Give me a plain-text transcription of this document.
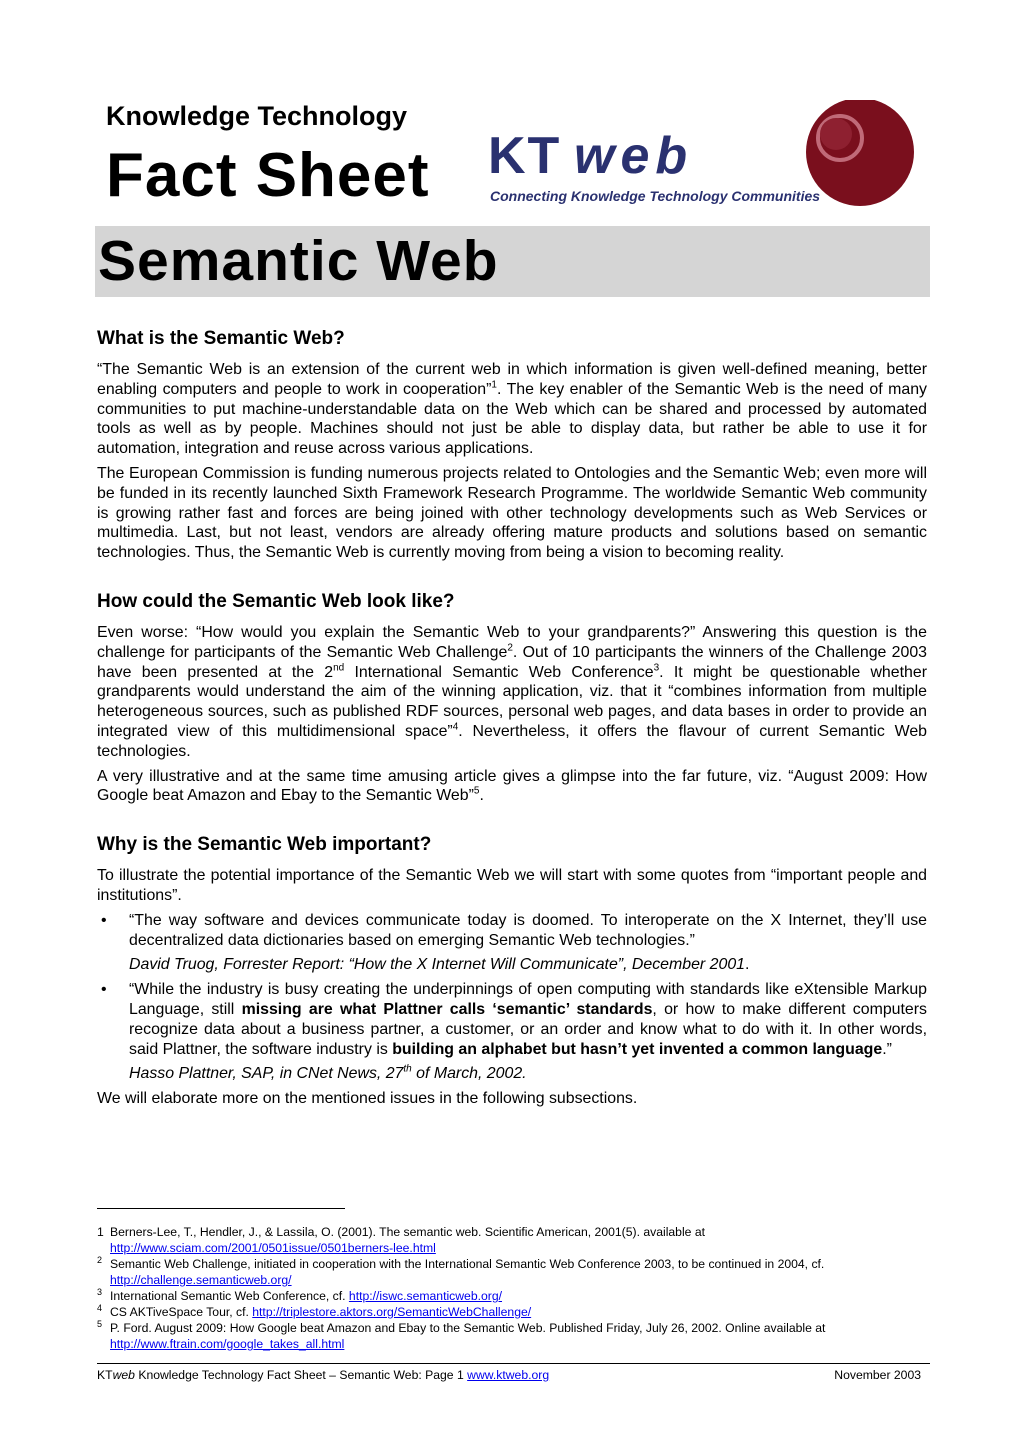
Knowledge Technology
Fact Sheet KT web
Connecting Knowledge Technology Communities
Semantic Web
What is the Semantic Web?

“The Semantic Web is an extension of the current web in which information is given well-defined meaning, better enabling computers and people to work in cooperation”$^1$. The key enabler of the Semantic Web is the need of many communities to put machine-understandable data on the Web which can be shared and processed by automated tools as well as by people. Machines should not just be able to display data, but rather be able to use it for automation, integration and reuse across various applications.

The European Commission is funding numerous projects related to Ontologies and the Semantic Web; even more will be funded in its recently launched Sixth Framework Research Programme. The worldwide Semantic Web community is growing rather fast and forces are being joined with other technology developments such as Web Services or multimedia. Last, but not least, vendors are already offering mature products and solutions based on semantic technologies. Thus, the Semantic Web is currently moving from being a vision to becoming reality.

How could the Semantic Web look like?

Even worse: “How would you explain the Semantic Web to your grandparents?” Answering this question is the challenge for participants of the Semantic Web Challenge$^2$. Out of 10 participants the winners of the Challenge 2003 have been presented at the 2nd International Semantic Web Conference$^3$. It might be questionable whether grandparents would understand the aim of the winning application, viz. that it “combines information from multiple heterogeneous sources, such as published RDF sources, personal web pages, and data bases in order to provide an integrated view of this multidimensional space”$^4$. Nevertheless, it offers the flavour of current Semantic Web technologies.

A very illustrative and at the same time amusing article gives a glimpse into the far future, viz. “August 2009: How Google beat Amazon and Ebay to the Semantic Web”$^5$.

Why is the Semantic Web important?

To illustrate the potential importance of the Semantic Web we will start with some quotes from “important people and institutions”.

• “The way software and devices communicate today is doomed. To interoperate on the X Internet, they’ll use decentralized data dictionaries based on emerging Semantic Web technologies.”
David Truog, Forrester Report: “How the X Internet Will Communicate”, December 2001.
• “While the industry is busy creating the underpinnings of open computing with standards like eXtensible Markup Language, still missing are what Plattner calls ‘semantic’ standards, or how to make different computers recognize data about a business partner, a customer, or an order and know what to do with it. In other words, said Plattner, the software industry is building an alphabet but hasn’t yet invented a common language.”
Hasso Plattner, SAP, in CNet News, 27th of March, 2002.

We will elaborate more on the mentioned issues in the following subsections.

1 Berners-Lee, T., Hendler, J., & Lassila, O. (2001). The semantic web. Scientific American, 2001(5). available at http://www.sciam.com/2001/0501issue/0501berners-lee.html
2 Semantic Web Challenge, initiated in cooperation with the International Semantic Web Conference 2003, to be continued in 2004, cf. http://challenge.semanticweb.org/
3 International Semantic Web Conference, cf. http://iswc.semanticweb.org/
4 CS AKTiveSpace Tour, cf. http://triplestore.aktors.org/SemanticWebChallenge/
5 P. Ford. August 2009: How Google beat Amazon and Ebay to the Semantic Web. Published Friday, July 26, 2002. Online available at http://www.ftrain.com/google_takes_all.html
KTweb Knowledge Technology Fact Sheet – Semantic Web: Page 1 www.ktweb.org	November 2003
